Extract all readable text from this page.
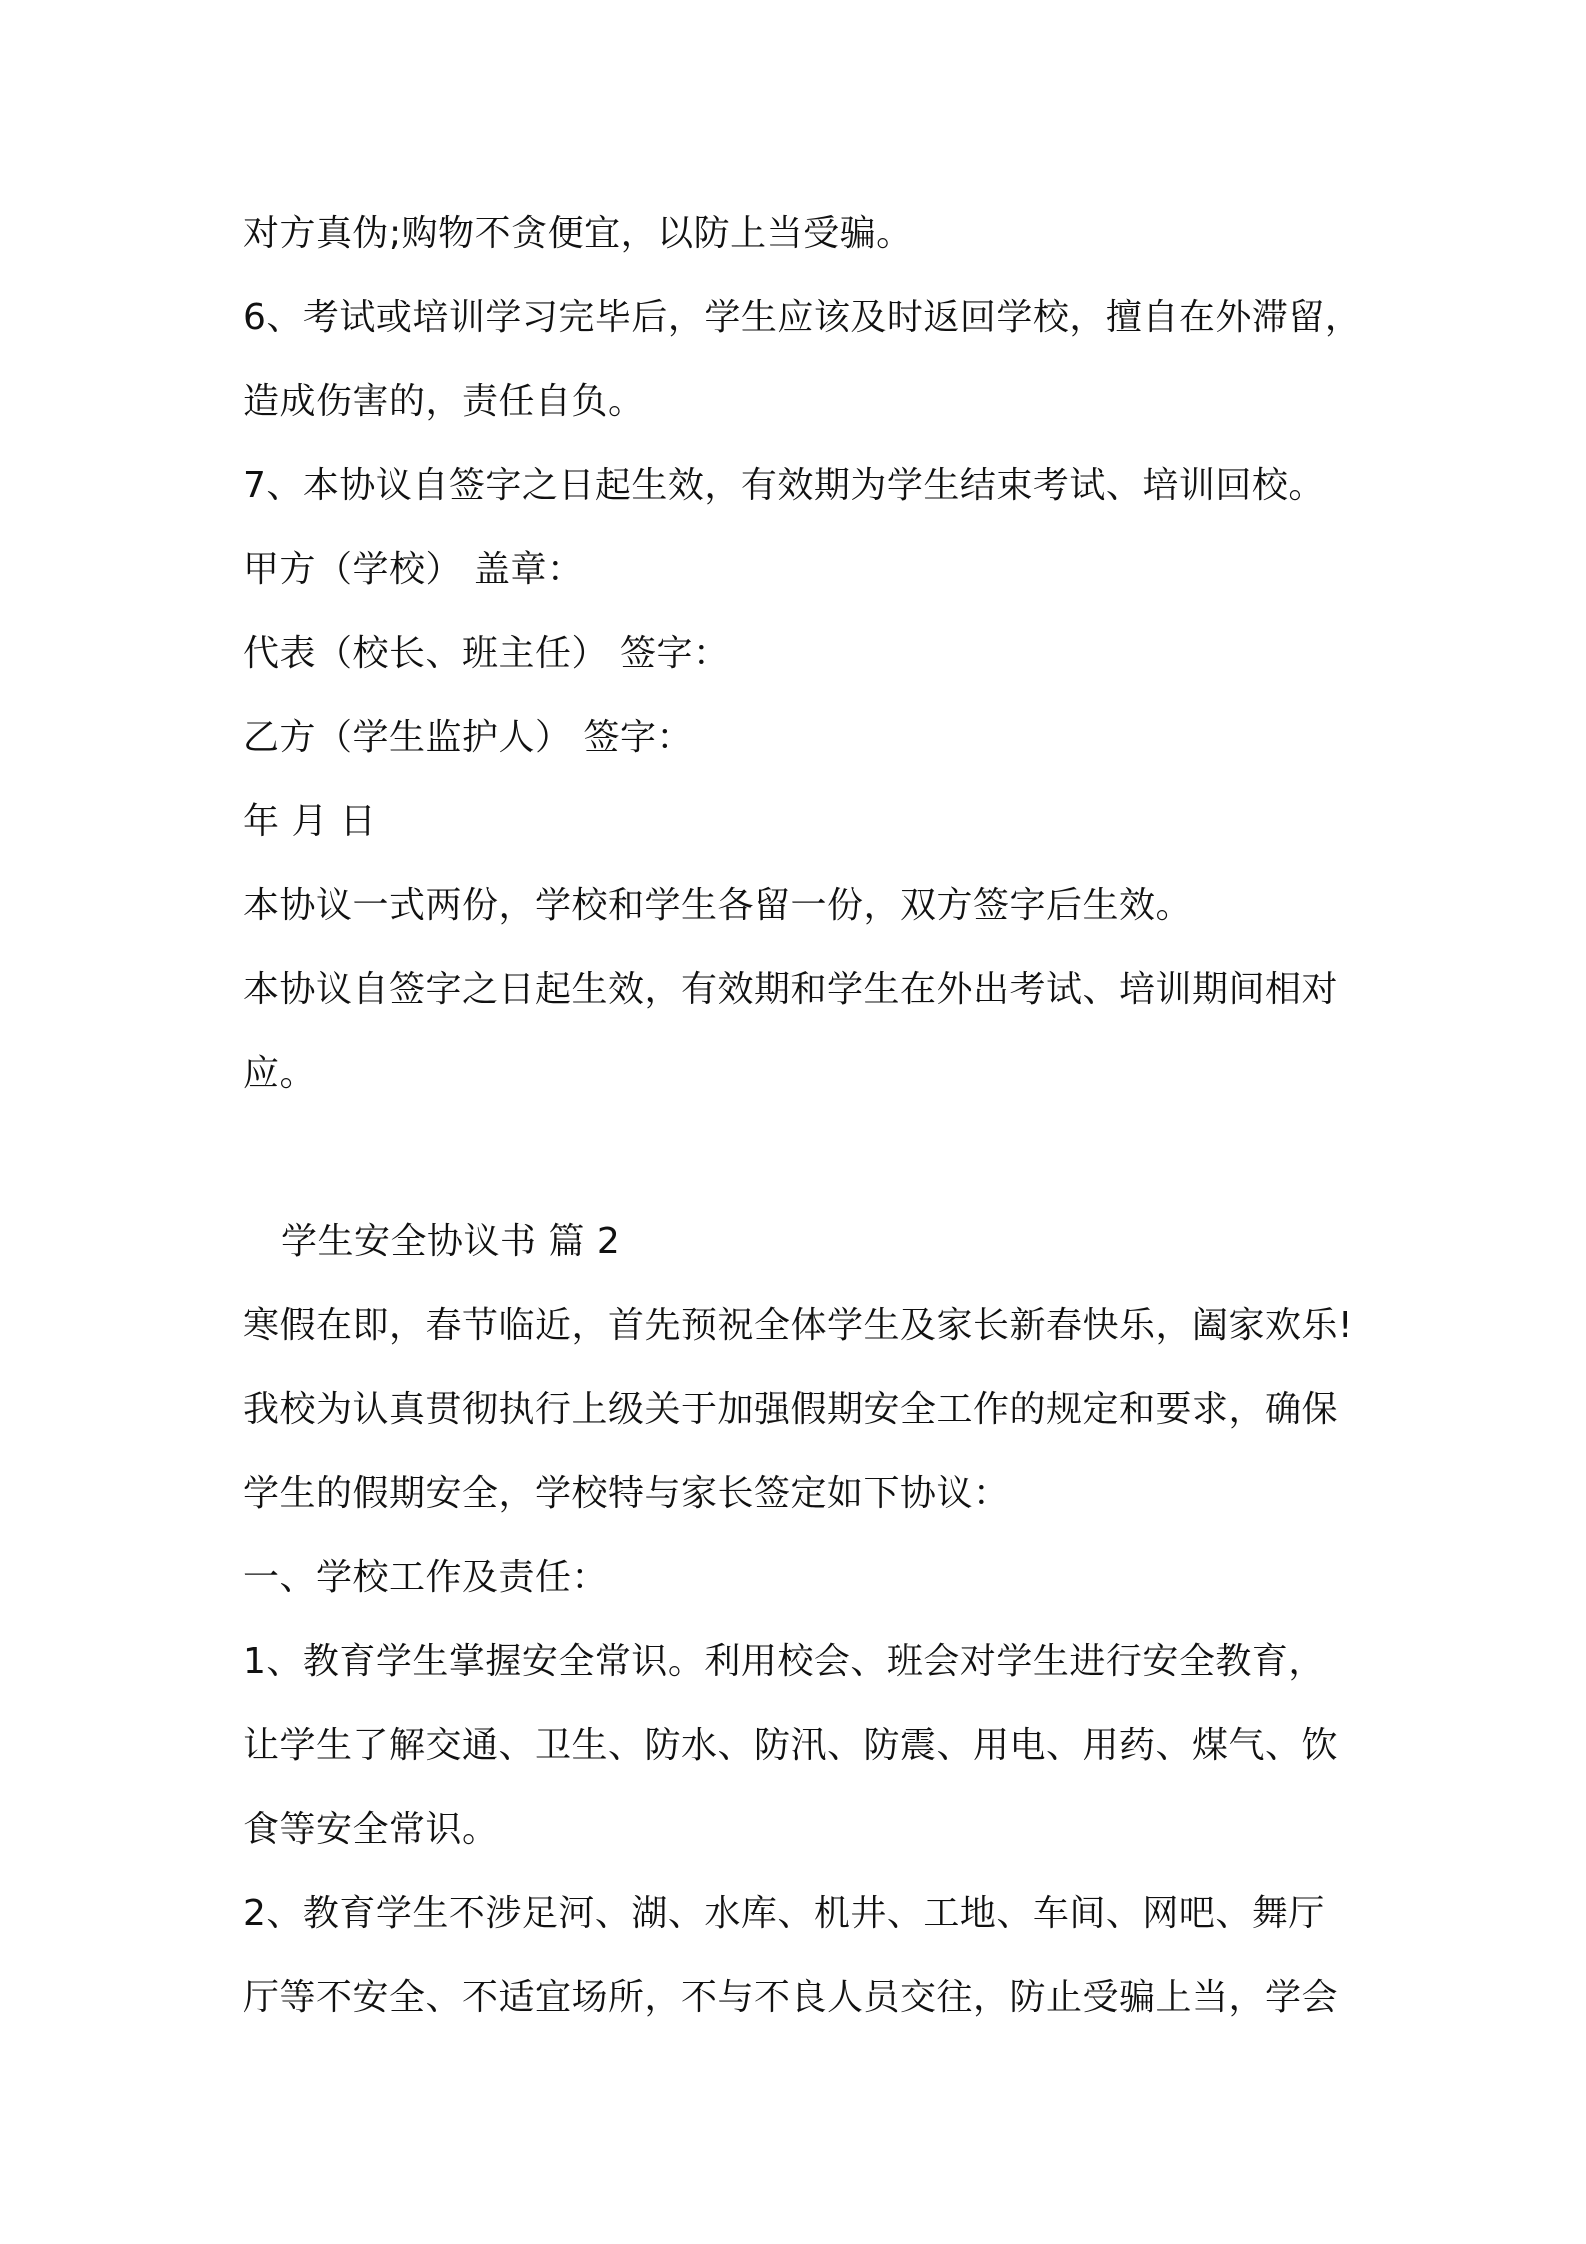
对方真伪;购物不贪便宜，以防上当受骗。
6、考试或培训学习完毕后，学生应该及时返回学校，擅自在外滞留，
造成伤害的，责任自负。
7、本协议自签字之日起生效，有效期为学生结束考试、培训回校。
甲方（学校） 盖章：
代表（校长、班主任） 签字：
乙方（学生监护人） 签字：
年 月 日
本协议一式两份，学校和学生各留一份，双方签字后生效。
本协议自签字之日起生效，有效期和学生在外出考试、培训期间相对
应。
学生安全协议书 篇 2
寒假在即，春节临近，首先预祝全体学生及家长新春快乐，阖家欢乐!
我校为认真贯彻执行上级关于加强假期安全工作的规定和要求，确保
学生的假期安全，学校特与家长签定如下协议：
一、学校工作及责任：
1、教育学生掌握安全常识。利用校会、班会对学生进行安全教育，
让学生了解交通、卫生、防水、防汛、防震、用电、用药、煤气、饮
食等安全常识。
2、教育学生不涉足河、湖、水库、机井、工地、车间、网吧、舞厅
厅等不安全、不适宜场所，不与不良人员交往，防止受骗上当，学会
